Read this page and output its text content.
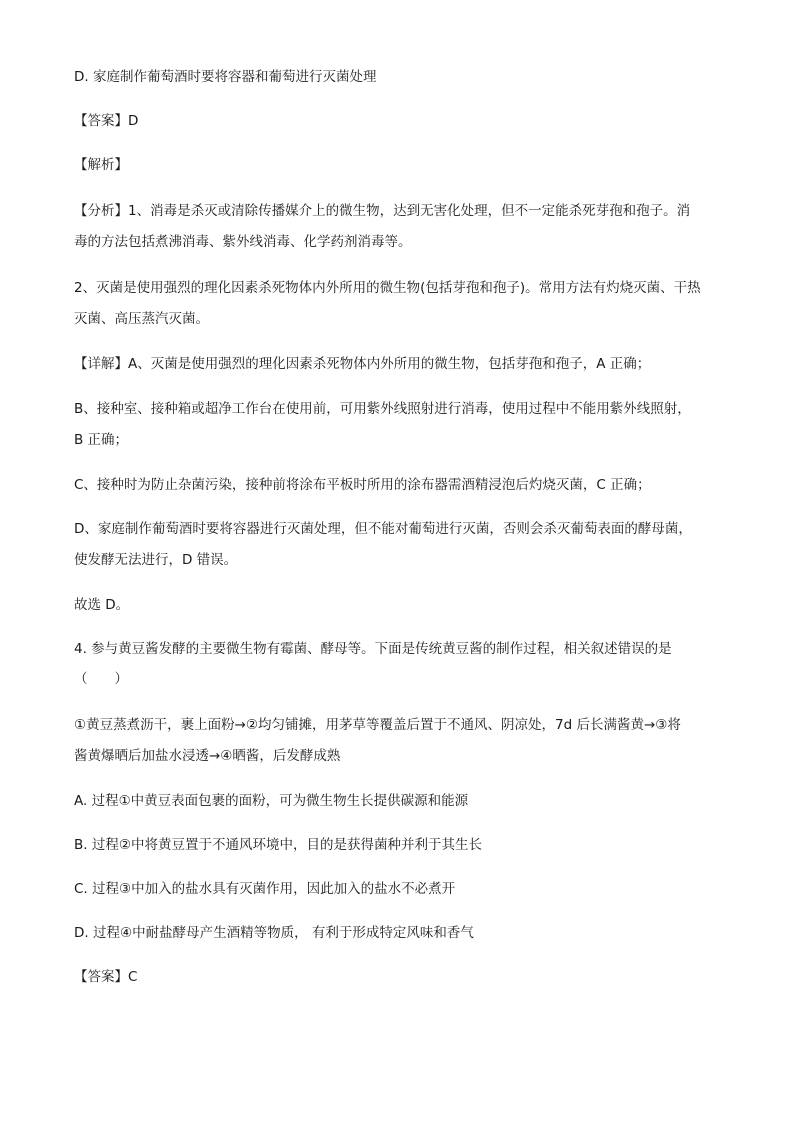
D. 家庭制作葡萄酒时要将容器和葡萄进行灭菌处理
【答案】D
【解析】
【分析】1、消毒是杀灭或清除传播媒介上的微生物，达到无害化处理，但不一定能杀死芽孢和孢子。消
毒的方法包括煮沸消毒、紫外线消毒、化学药剂消毒等。
2、灭菌是使用强烈的理化因素杀死物体内外所用的微生物(包括芽孢和孢子)。常用方法有灼烧灭菌、干热
灭菌、高压蒸汽灭菌。
【详解】A、灭菌是使用强烈的理化因素杀死物体内外所用的微生物，包括芽孢和孢子，A 正确；
B、接种室、接种箱或超净工作台在使用前，可用紫外线照射进行消毒，使用过程中不能用紫外线照射，
B 正确；
C、接种时为防止杂菌污染，接种前将涂布平板时所用的涂布器需酒精浸泡后灼烧灭菌，C 正确；
D、家庭制作葡萄酒时要将容器进行灭菌处理，但不能对葡萄进行灭菌，否则会杀灭葡萄表面的酵母菌，
使发酵无法进行，D 错误。
故选 D。
4. 参与黄豆酱发酵的主要微生物有霉菌、酵母等。下面是传统黄豆酱的制作过程，相关叙述错误的是
（　　）
①黄豆蒸煮沥干，裹上面粉→②均匀铺摊，用茅草等覆盖后置于不通风、阴凉处，7d 后长满酱黄→③将
酱黄爆晒后加盐水浸透→④晒酱，后发酵成熟
A. 过程①中黄豆表面包裹的面粉，可为微生物生长提供碳源和能源
B. 过程②中将黄豆置于不通风环境中，目的是获得菌种并利于其生长
C. 过程③中加入的盐水具有灭菌作用，因此加入的盐水不必煮开
D. 过程④中耐盐酵母产生酒精等物质， 有利于形成特定风味和香气
【答案】C
